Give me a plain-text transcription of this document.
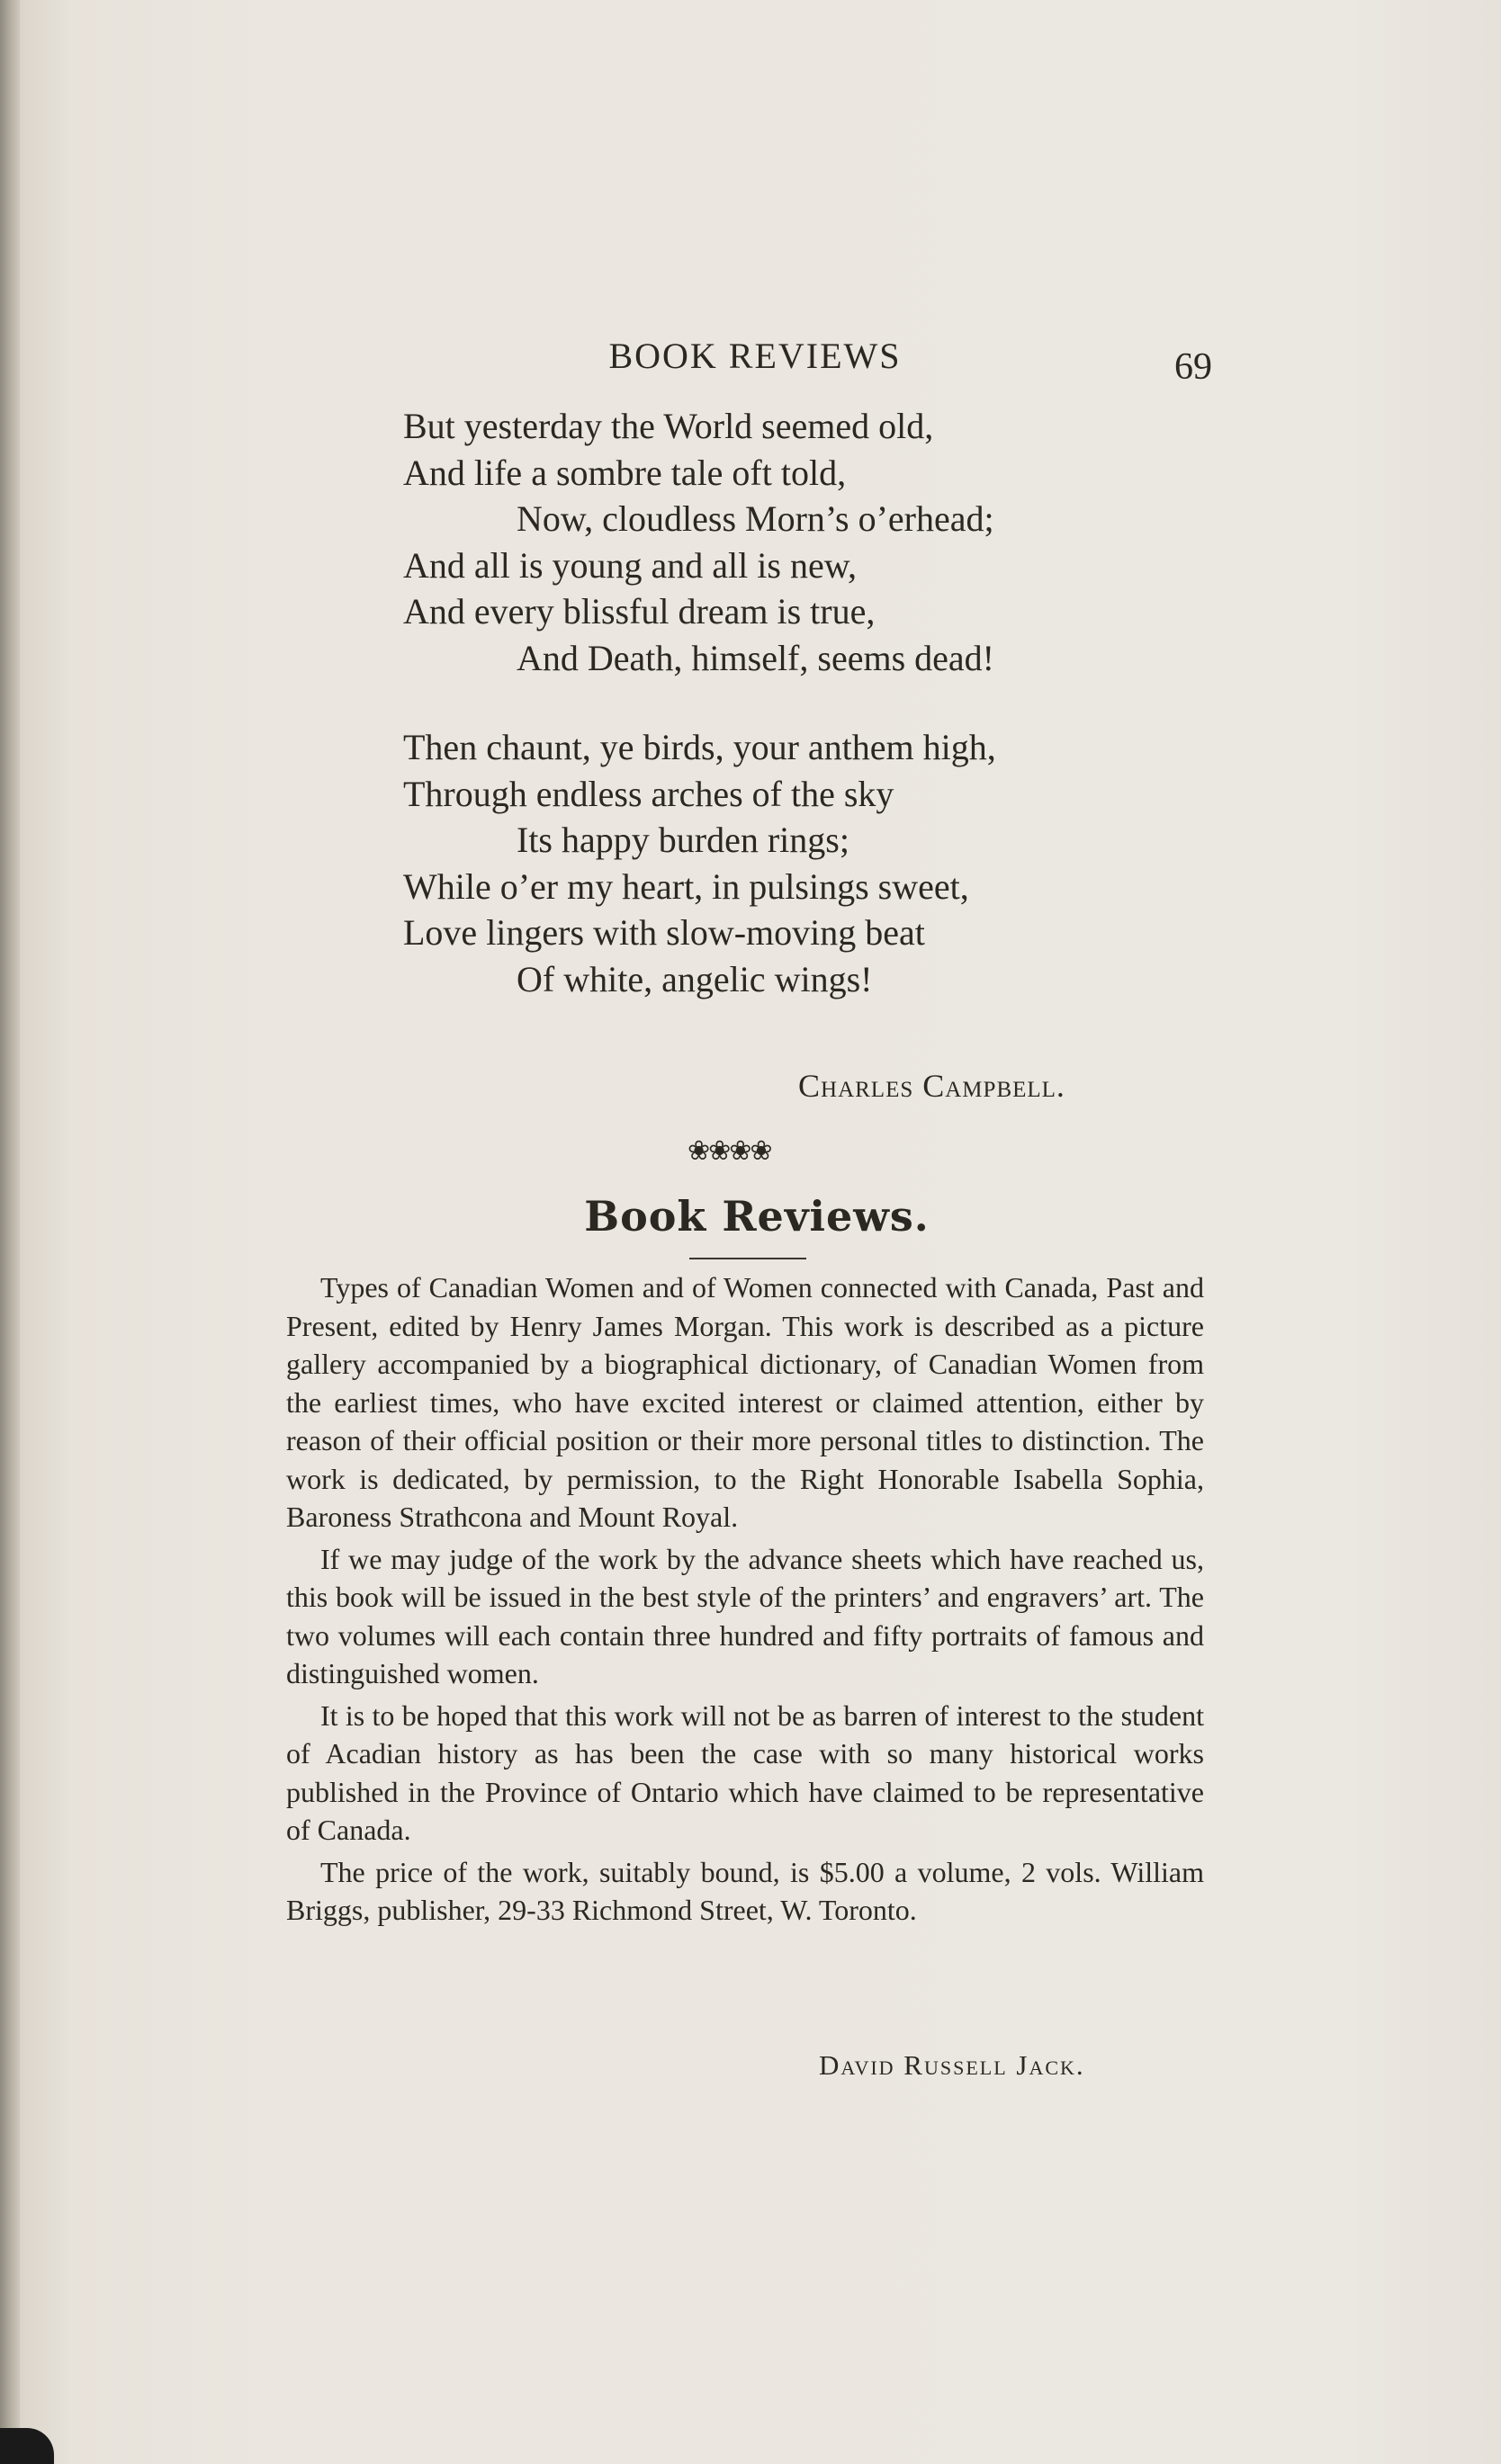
BOOK REVIEWS	69
But yesterday the World seemed old,
And life a sombre tale oft told,
Now, cloudless Morn’s o’erhead;
And all is young and all is new,
And every blissful dream is true,
And Death, himself, seems dead!
Then chaunt, ye birds, your anthem high,
Through endless arches of the sky
Its happy burden rings;
While o’er my heart, in pulsings sweet,
Love lingers with slow-moving beat
Of white, angelic wings!
Charles Campbell.
❀❀❀❀
Book Reviews.

Types of Canadian Women and of Women connected with Canada, Past and Present, edited by Henry James Morgan. This work is described as a picture gallery accompanied by a biographical dictionary, of Canadian Women from the earliest times, who have excited interest or claimed attention, either by reason of their official position or their more personal titles to distinction. The work is dedicated, by permission, to the Right Honorable Isabella Sophia, Baroness Strathcona and Mount Royal.

If we may judge of the work by the advance sheets which have reached us, this book will be issued in the best style of the printers’ and engravers’ art. The two volumes will each contain three hundred and fifty portraits of famous and distinguished women.

It is to be hoped that this work will not be as barren of interest to the student of Acadian history as has been the case with so many historical works published in the Province of Ontario which have claimed to be representative of Canada.

The price of the work, suitably bound, is $5.00 a volume, 2 vols. William Briggs, publisher, 29-33 Richmond Street, W. Toronto.

David Russell Jack.
